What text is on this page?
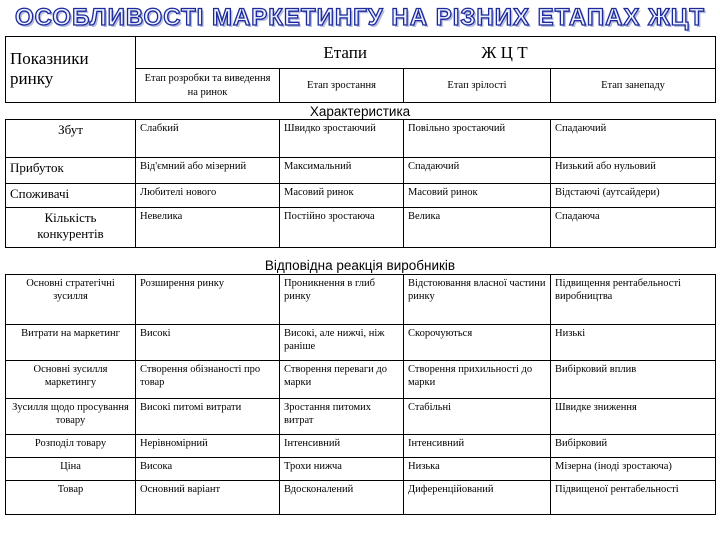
ОСОБЛИВОСТІ МАРКЕТИНГУ НА РІЗНИХ ЕТАПАХ ЖЦТ
Показники ринку	Етапи Ж Ц Т			
	Етап розробки та виведення на ринок	Етап зростання	Етап зрілості	Етап занепаду
Характеристика
Збут	Слабкий	Швидко зростаючий	Повільно зростаючий	Спадаючий
Прибуток	Від'ємний або мізерний	Максимальний	Спадаючий	Низький або нульовий
Споживачі	Любителі нового	Масовий ринок	Масовий ринок	Відстаючі (аутсайдери)
Кількість конкурентів	Невелика	Постійно зростаюча	Велика	Спадаюча
Відповідна реакція виробників
Основні стратегічні зусилля	Розширення ринку	Проникнення в глиб ринку	Відстоювання власної частини ринку	Підвищення рентабельності виробництва
Витрати на маркетинг	Високі	Високі, але нижчі, ніж раніше	Скорочуються	Низькі
Основні зусилля маркетингу	Створення обізнаності про товар	Створення переваги до марки	Створення прихильності до марки	Вибірковий вплив
Зусилля щодо просування товару	Високі питомі витрати	Зростання питомих витрат	Стабільні	Швидке зниження
Розподіл товару	Нерівномірний	Інтенсивний	Інтенсивний	Вибірковий
Ціна	Висока	Трохи нижча	Низька	Мізерна (іноді зростаюча)
Товар	Основний варіант	Вдосконалений	Диференційований	Підвищеної рентабельності
